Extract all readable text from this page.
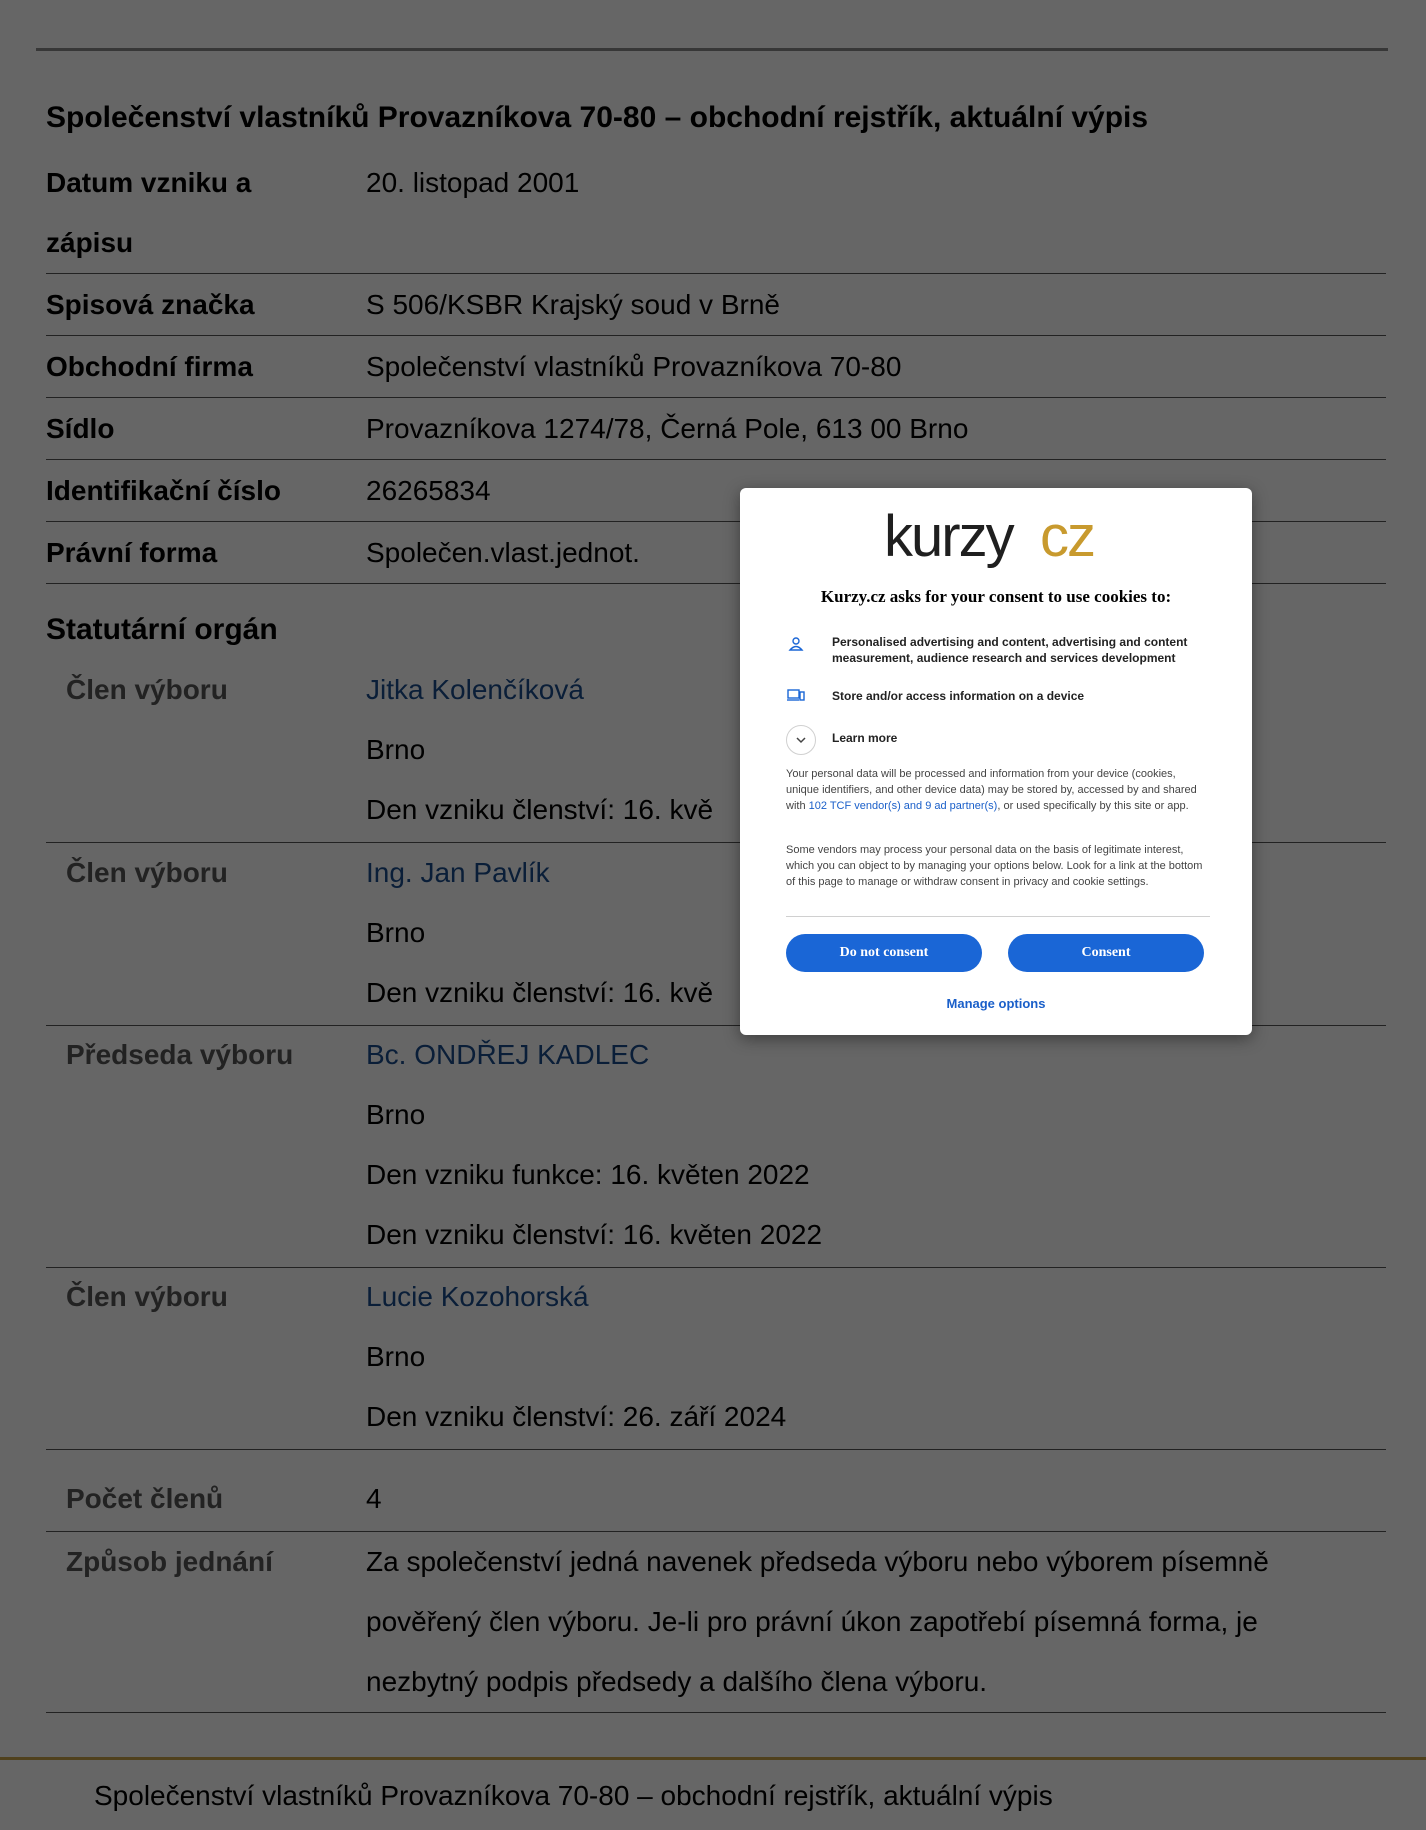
kurzy cz
Kurzy.cz asks for your consent to use cookies to:
Personalised advertising and content, advertising and content measurement, audience research and services development
Store and/or access information on a device
Learn more
Your personal data will be processed and information from your device (cookies, unique identifiers, and other device data) may be stored by, accessed by and shared with 102 TCF vendor(s) and 9 ad partner(s), or used specifically by this site or app.
Some vendors may process your personal data on the basis of legitimate interest, which you can object to by managing your options below. Look for a link at the bottom of this page to manage or withdraw consent in privacy and cookie settings.
Do not consent	Consent
Manage options
